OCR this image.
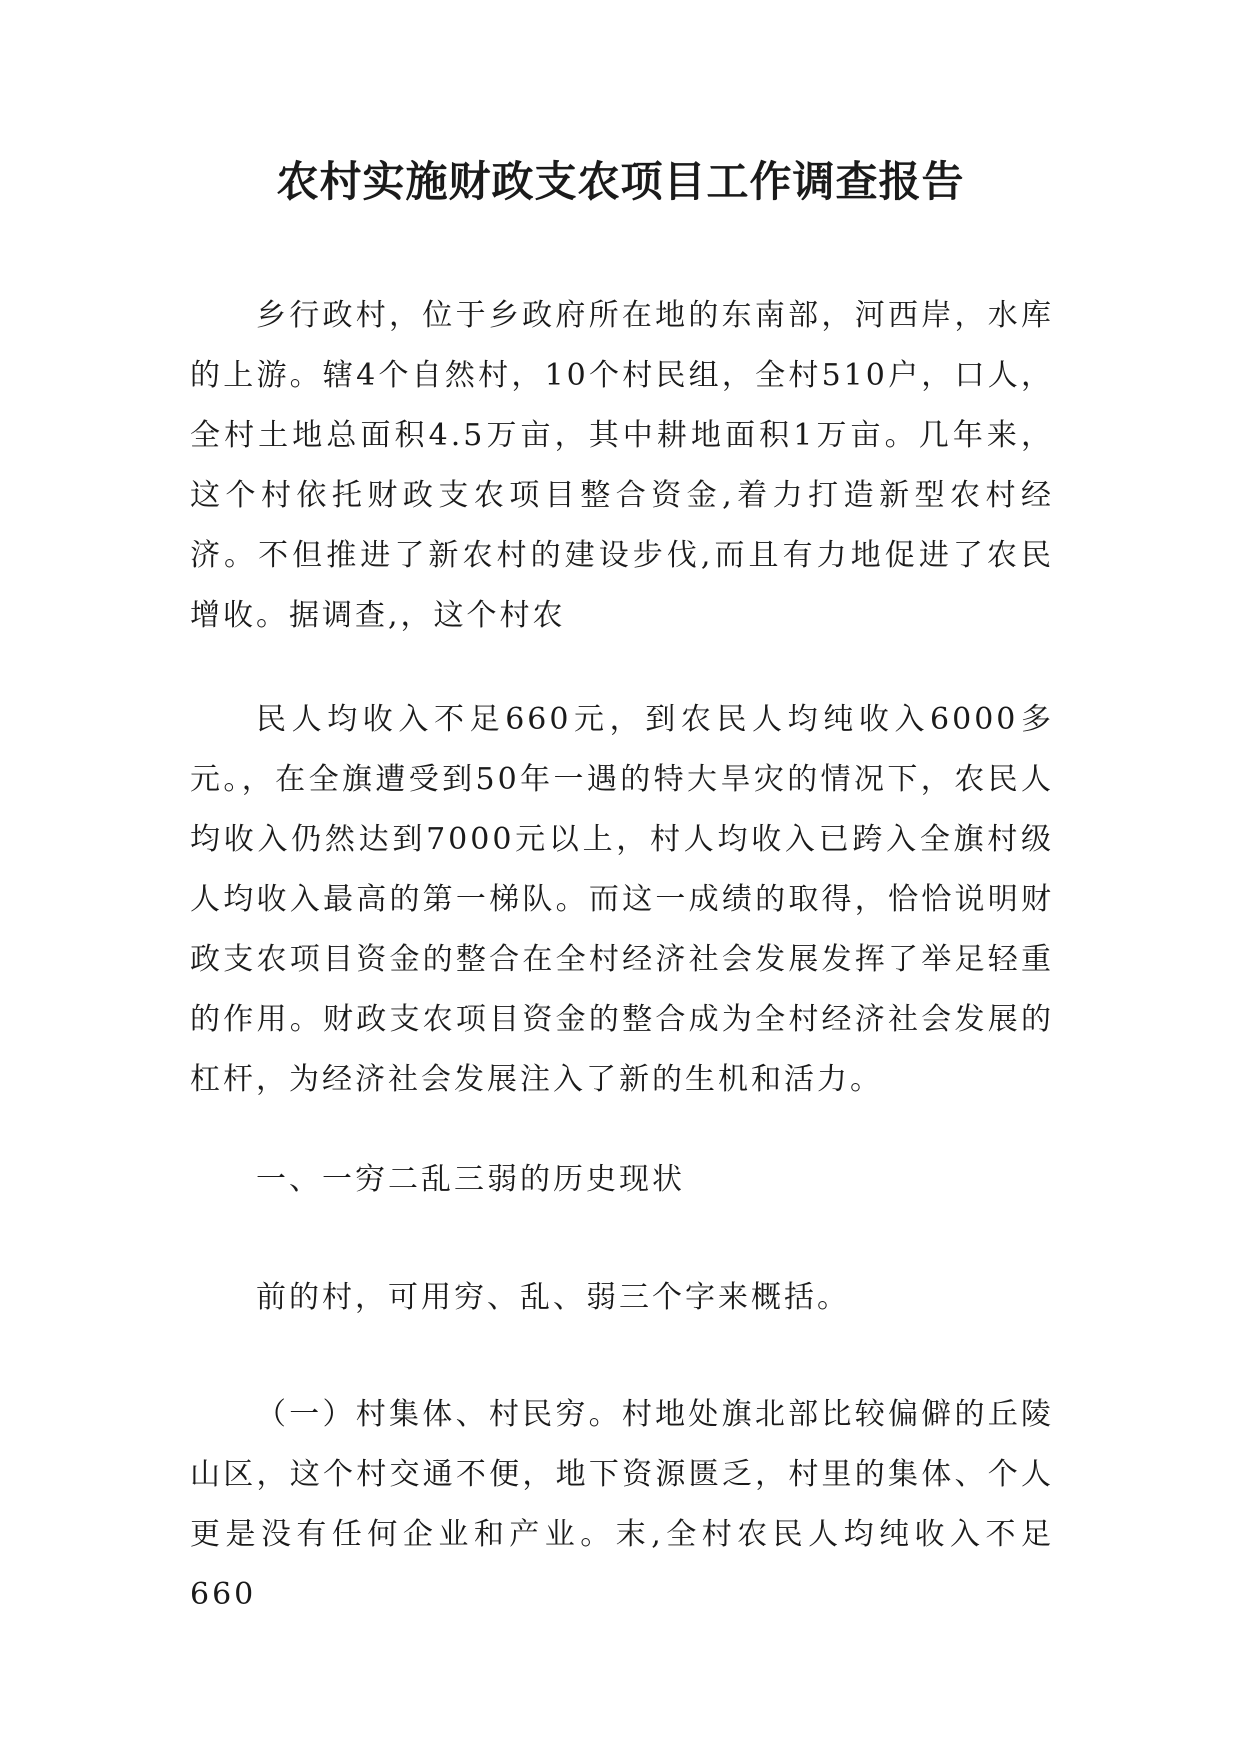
农村实施财政支农项目工作调查报告

乡行政村，位于乡政府所在地的东南部，河西岸，水库的上游。辖4个自然村，10个村民组，全村510户，口人，全村土地总面积4.5万亩，其中耕地面积1万亩。几年来，这个村依托财政支农项目整合资金,着力打造新型农村经济。不但推进了新农村的建设步伐,而且有力地促进了农民增收。据调查,，这个村农

民人均收入不足660元，到农民人均纯收入6000多元。，在全旗遭受到50年一遇的特大旱灾的情况下，农民人均收入仍然达到7000元以上，村人均收入已跨入全旗村级人均收入最高的第一梯队。而这一成绩的取得，恰恰说明财政支农项目资金的整合在全村经济社会发展发挥了举足轻重的作用。财政支农项目资金的整合成为全村经济社会发展的杠杆，为经济社会发展注入了新的生机和活力。

一、一穷二乱三弱的历史现状

前的村，可用穷、乱、弱三个字来概括。

（一）村集体、村民穷。村地处旗北部比较偏僻的丘陵山区，这个村交通不便，地下资源匮乏，村里的集体、个人更是没有任何企业和产业。末,全村农民人均纯收入不足660
